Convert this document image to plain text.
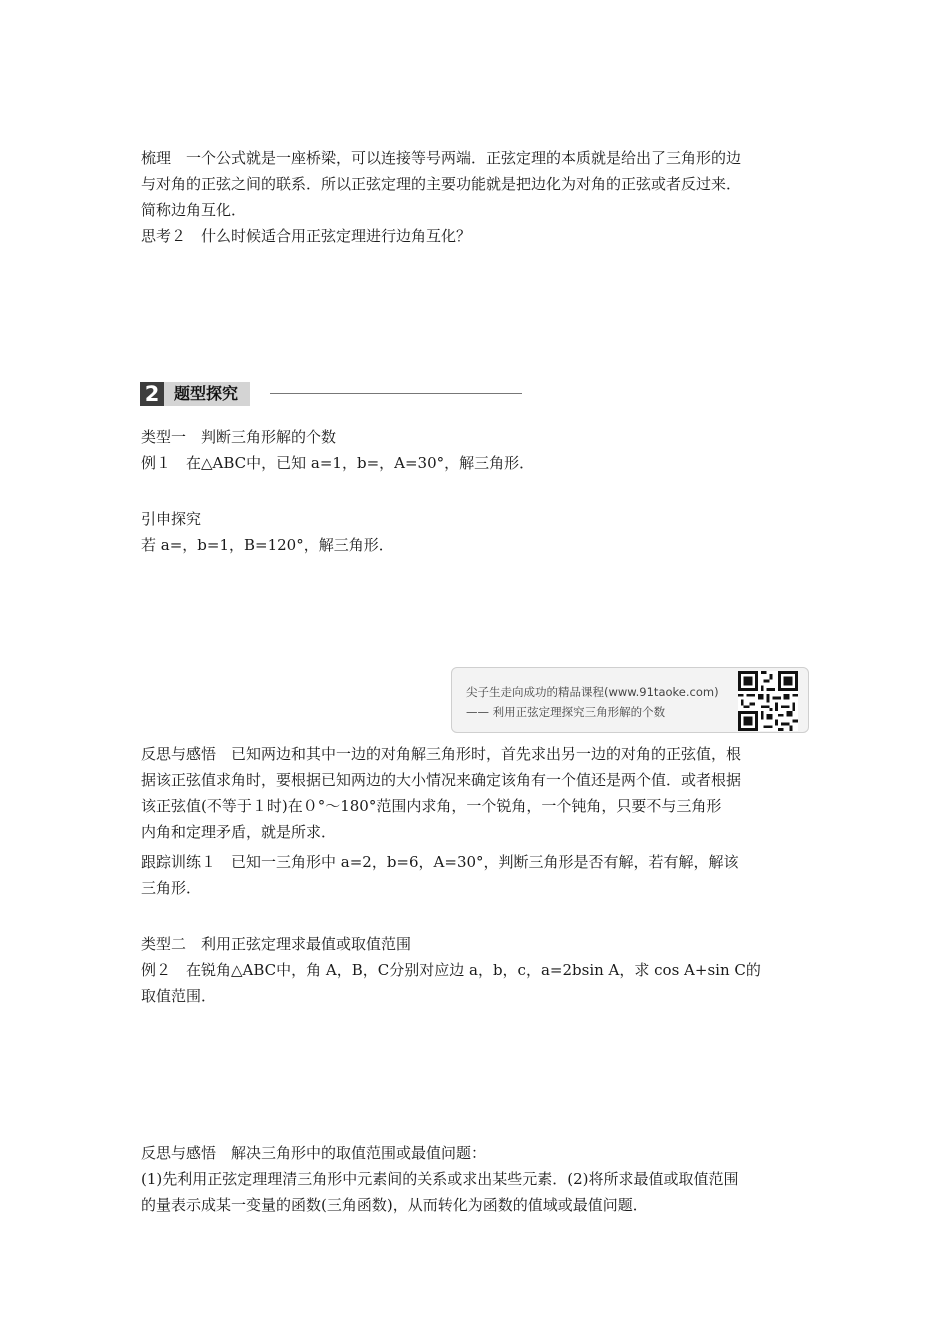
梳理　一个公式就是一座桥梁，可以连接等号两端．正弦定理的本质就是给出了三角形的边
与对角的正弦之间的联系．所以正弦定理的主要功能就是把边化为对角的正弦或者反过来．
简称边角互化．
思考２　什么时候适合用正弦定理进行边角互化？
2 题型探究
类型一　判断三角形解的个数
例１　在△ABC中，已知 a=1，b=，A=30°，解三角形．
引申探究
若 a=，b=1，B=120°，解三角形．
尖子生走向成功的精品课程(www.91taoke.com)
—— 利用正弦定理探究三角形解的个数
反思与感悟　已知两边和其中一边的对角解三角形时，首先求出另一边的对角的正弦值，根
据该正弦值求角时，要根据已知两边的大小情况来确定该角有一个值还是两个值．或者根据
该正弦值(不等于１时)在０°～180°范围内求角，一个锐角，一个钝角，只要不与三角形
内角和定理矛盾，就是所求．
跟踪训练１　已知一三角形中 a=2，b=6，A=30°，判断三角形是否有解，若有解，解该
三角形．
类型二　利用正弦定理求最值或取值范围
例２　在锐角△ABC中，角 A，B，C分别对应边 a，b，c，a=2bsin A，求 cos A+sin C的
取值范围．
反思与感悟　解决三角形中的取值范围或最值问题：
(1)先利用正弦定理理清三角形中元素间的关系或求出某些元素．(2)将所求最值或取值范围
的量表示成某一变量的函数(三角函数)，从而转化为函数的值域或最值问题．
